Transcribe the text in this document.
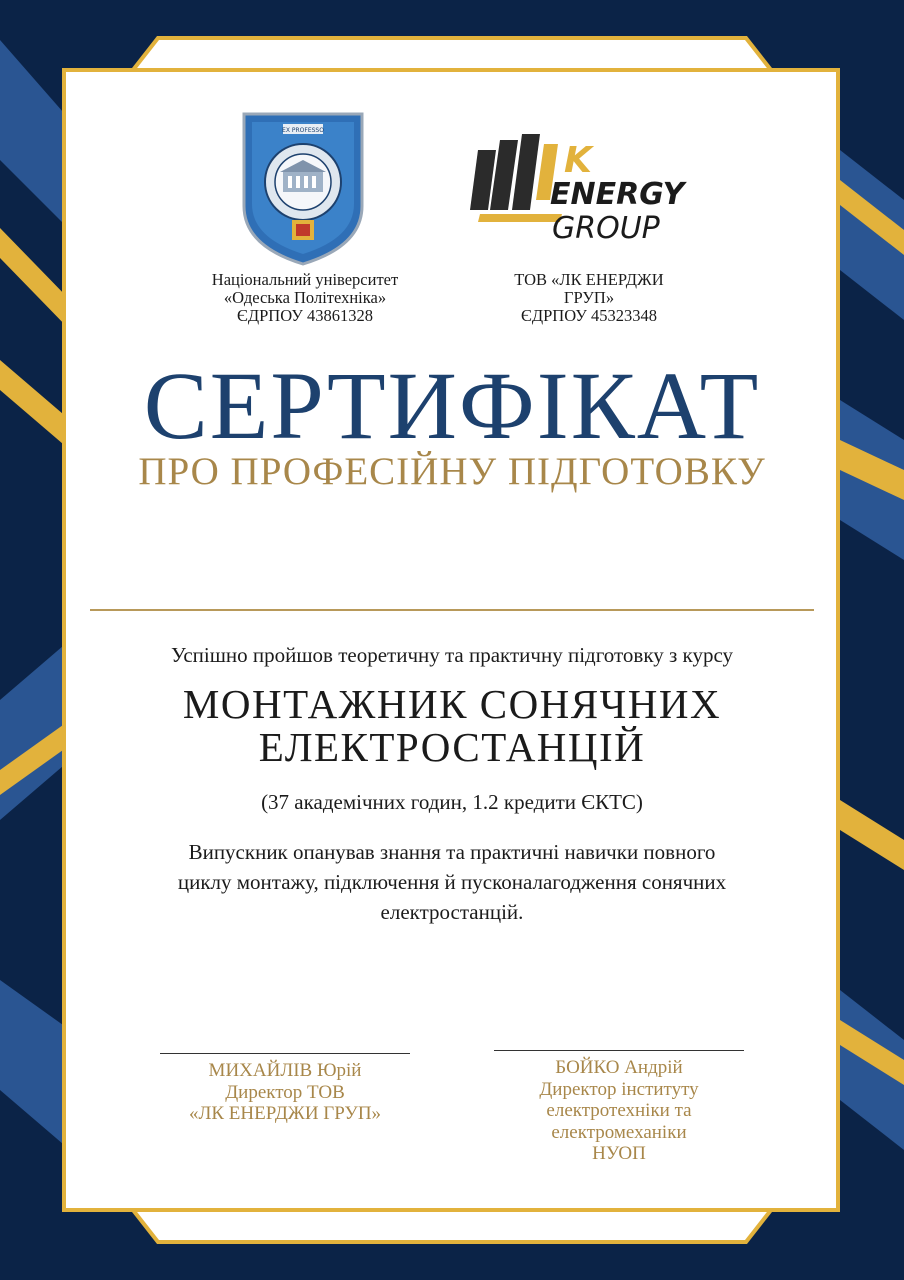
EX PROFESSO
K
ENERGY
GROUP
Національний університет
«Одеська Політехніка»
ЄДРПОУ 43861328
ТОВ «ЛК ЕНЕРДЖИ
ГРУП»
ЄДРПОУ 45323348
СЕРТИФІКАТ
ПРО ПРОФЕСІЙНУ ПІДГОТОВКУ
Успішно пройшов теоретичну та практичну підготовку з курсу
МОНТАЖНИК СОНЯЧНИХ
ЕЛЕКТРОСТАНЦІЙ
(37 академічних годин, 1.2 кредити ЄКТС)
Випускник опанував знання та практичні навички повного
циклу монтажу, підключення й пусконалагодження сонячних
електростанцій.
МИХАЙЛІВ Юрій
Директор ТОВ
«ЛК ЕНЕРДЖИ ГРУП»
БОЙКО Андрій
Директор інституту
електротехніки та
електромеханіки
НУОП
